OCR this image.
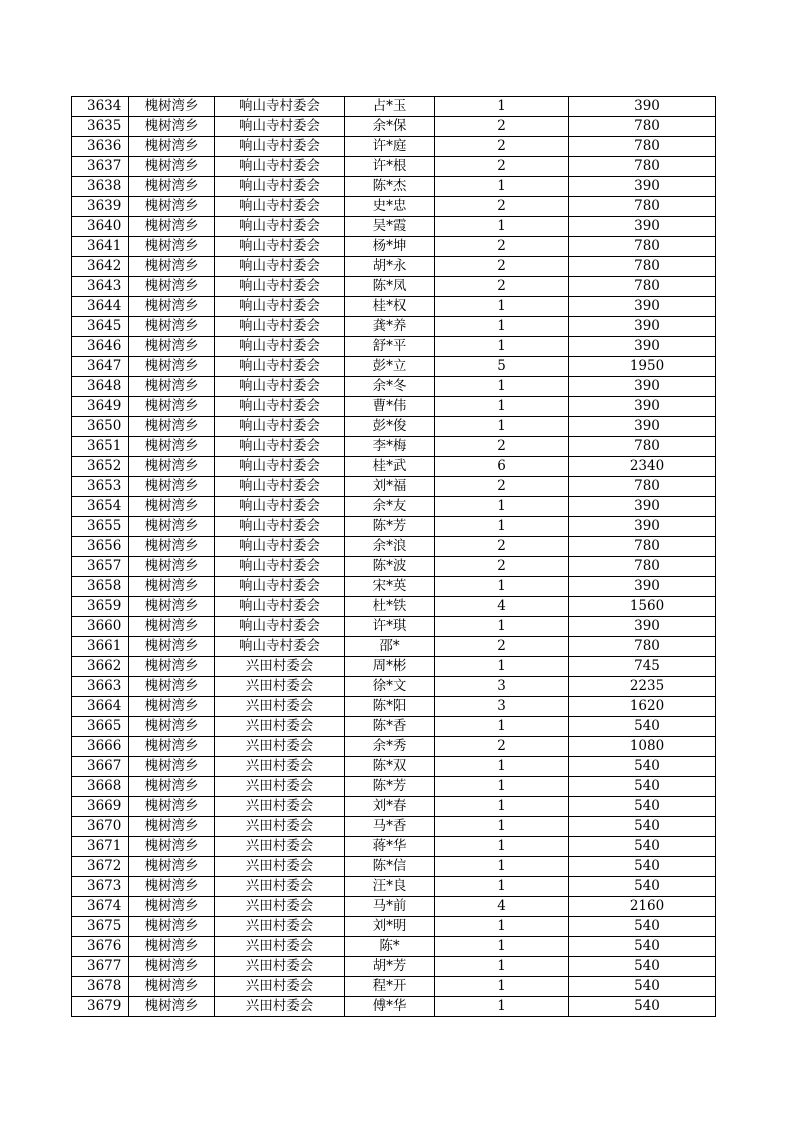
3634	槐树湾乡	响山寺村委会	占*玉	1	390
3635	槐树湾乡	响山寺村委会	余*保	2	780
3636	槐树湾乡	响山寺村委会	许*庭	2	780
3637	槐树湾乡	响山寺村委会	许*根	2	780
3638	槐树湾乡	响山寺村委会	陈*杰	1	390
3639	槐树湾乡	响山寺村委会	史*忠	2	780
3640	槐树湾乡	响山寺村委会	吴*霞	1	390
3641	槐树湾乡	响山寺村委会	杨*坤	2	780
3642	槐树湾乡	响山寺村委会	胡*永	2	780
3643	槐树湾乡	响山寺村委会	陈*凤	2	780
3644	槐树湾乡	响山寺村委会	桂*权	1	390
3645	槐树湾乡	响山寺村委会	龚*养	1	390
3646	槐树湾乡	响山寺村委会	舒*平	1	390
3647	槐树湾乡	响山寺村委会	彭*立	5	1950
3648	槐树湾乡	响山寺村委会	余*冬	1	390
3649	槐树湾乡	响山寺村委会	曹*伟	1	390
3650	槐树湾乡	响山寺村委会	彭*俊	1	390
3651	槐树湾乡	响山寺村委会	李*梅	2	780
3652	槐树湾乡	响山寺村委会	桂*武	6	2340
3653	槐树湾乡	响山寺村委会	刘*福	2	780
3654	槐树湾乡	响山寺村委会	余*友	1	390
3655	槐树湾乡	响山寺村委会	陈*芳	1	390
3656	槐树湾乡	响山寺村委会	余*浪	2	780
3657	槐树湾乡	响山寺村委会	陈*波	2	780
3658	槐树湾乡	响山寺村委会	宋*英	1	390
3659	槐树湾乡	响山寺村委会	杜*铁	4	1560
3660	槐树湾乡	响山寺村委会	许*琪	1	390
3661	槐树湾乡	响山寺村委会	邵*	2	780
3662	槐树湾乡	兴田村委会	周*彬	1	745
3663	槐树湾乡	兴田村委会	徐*文	3	2235
3664	槐树湾乡	兴田村委会	陈*阳	3	1620
3665	槐树湾乡	兴田村委会	陈*香	1	540
3666	槐树湾乡	兴田村委会	余*秀	2	1080
3667	槐树湾乡	兴田村委会	陈*双	1	540
3668	槐树湾乡	兴田村委会	陈*芳	1	540
3669	槐树湾乡	兴田村委会	刘*春	1	540
3670	槐树湾乡	兴田村委会	马*香	1	540
3671	槐树湾乡	兴田村委会	蒋*华	1	540
3672	槐树湾乡	兴田村委会	陈*信	1	540
3673	槐树湾乡	兴田村委会	汪*良	1	540
3674	槐树湾乡	兴田村委会	马*前	4	2160
3675	槐树湾乡	兴田村委会	刘*明	1	540
3676	槐树湾乡	兴田村委会	陈*	1	540
3677	槐树湾乡	兴田村委会	胡*芳	1	540
3678	槐树湾乡	兴田村委会	程*开	1	540
3679	槐树湾乡	兴田村委会	傅*华	1	540
